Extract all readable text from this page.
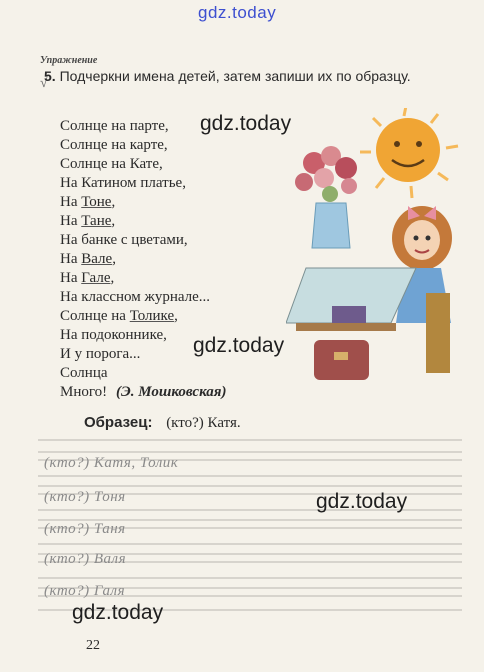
gdz.today
Упражнение
√
5. Подчеркни имена детей, затем запиши их по образцу.
Солнце на парте,
Солнце на карте,
Солнце на Кате,
На Катином платье,
На Тоне,
На Тане,
На банке с цветами,
На Вале,
На Гале,
На классном журнале...
Солнце на Толике,
На подоконнике,
И у порога...
Солнца
Много!
gdz.today
gdz.today
(Э. Мошковская)
Образец: (кто?) Катя.
(кто?) Катя, Толик
(кто?) Тоня
(кто?) Таня
(кто?) Валя
(кто?) Галя
gdz.today
gdz.today
22
